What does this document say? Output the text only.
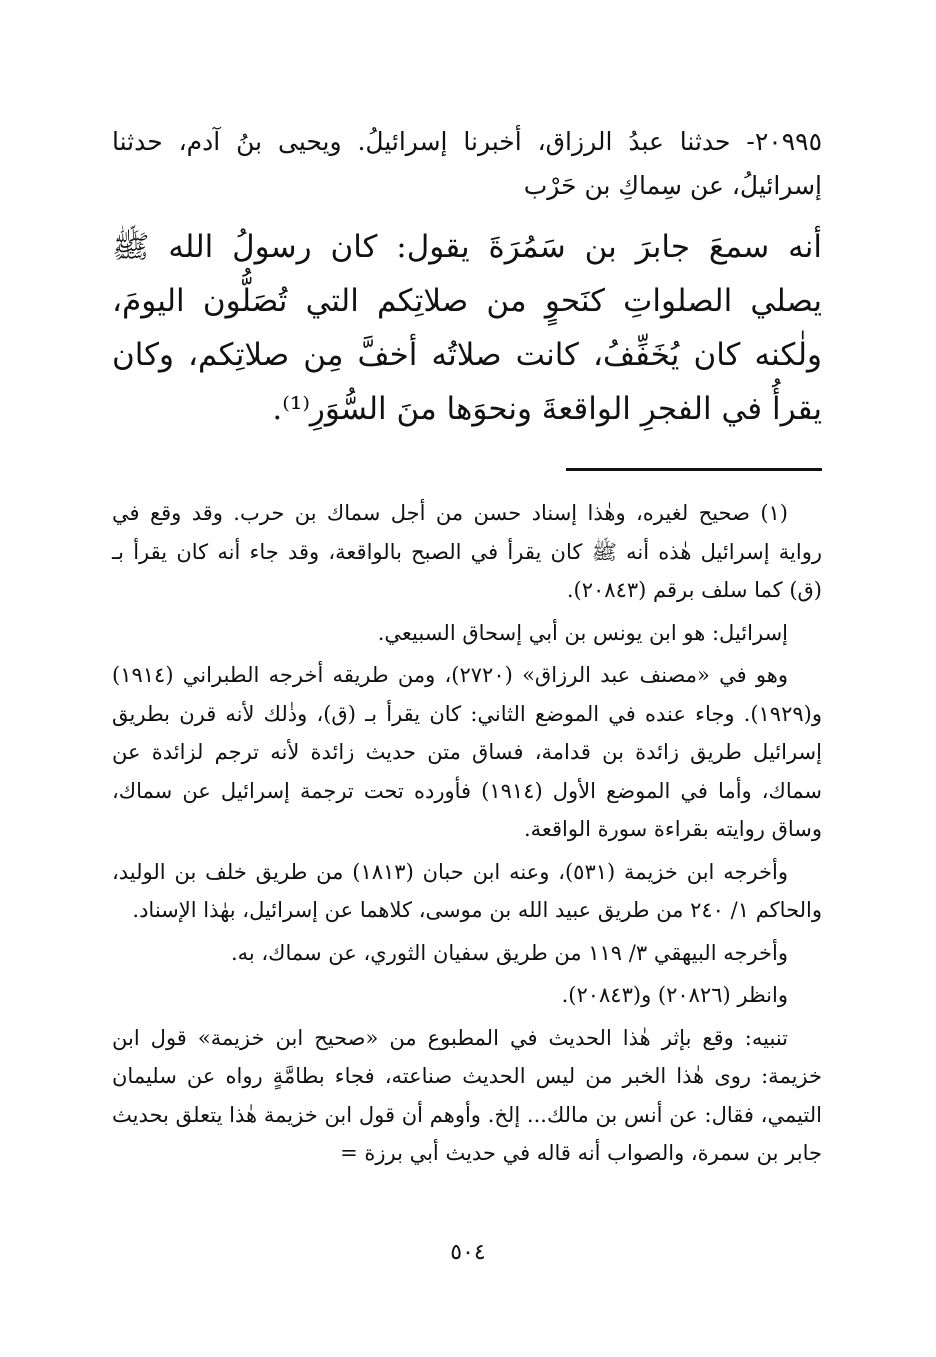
٢٠٩٩٥- حدثنا عبدُ الرزاق، أخبرنا إسرائيلُ. ويحيى بنُ آدم، حدثنا إسرائيلُ، عن سِماكِ بن حَرْب

أنه سمعَ جابرَ بن سَمُرَةَ يقول: كان رسولُ الله ﷺ يصلي الصلواتِ كنَحوٍ من صلاتِكم التي تُصَلُّون اليومَ، ولٰكنه كان يُخَفِّفُ، كانت صلاتُه أخفَّ مِن صلاتِكم، وكان يقرأُ في الفجرِ الواقعةَ ونحوَها منَ السُّوَرِ⁽¹⁾.

(١) صحيح لغيره، وهٰذا إسناد حسن من أجل سماك بن حرب. وقد وقع في رواية إسرائيل هٰذه أنه ﷺ كان يقرأ في الصبح بالواقعة، وقد جاء أنه كان يقرأ بـ (ق) كما سلف برقم (٢٠٨٤٣).

إسرائيل: هو ابن يونس بن أبي إسحاق السبيعي.

وهو في «مصنف عبد الرزاق» (٢٧٢٠)، ومن طريقه أخرجه الطبراني (١٩١٤) و(١٩٢٩). وجاء عنده في الموضع الثاني: كان يقرأ بـ (ق)، وذٰلك لأنه قرن بطريق إسرائيل طريق زائدة بن قدامة، فساق متن حديث زائدة لأنه ترجم لزائدة عن سماك، وأما في الموضع الأول (١٩١٤) فأورده تحت ترجمة إسرائيل عن سماك، وساق روايته بقراءة سورة الواقعة.

وأخرجه ابن خزيمة (٥٣١)، وعنه ابن حبان (١٨١٣) من طريق خلف بن الوليد، والحاكم ١/ ٢٤٠ من طريق عبيد الله بن موسى، كلاهما عن إسرائيل، بهٰذا الإسناد.

وأخرجه البيهقي ٣/ ١١٩ من طريق سفيان الثوري، عن سماك، به.

وانظر (٢٠٨٢٦) و(٢٠٨٤٣).

تنبيه: وقع بإثر هٰذا الحديث في المطبوع من «صحيح ابن خزيمة» قول ابن خزيمة: روى هٰذا الخبر من ليس الحديث صناعته، فجاء بطامَّةٍ رواه عن سليمان التيمي، فقال: عن أنس بن مالك... إلخ. وأوهم أن قول ابن خزيمة هٰذا يتعلق بحديث جابر بن سمرة، والصواب أنه قاله في حديث أبي برزة =

٥٠٤
